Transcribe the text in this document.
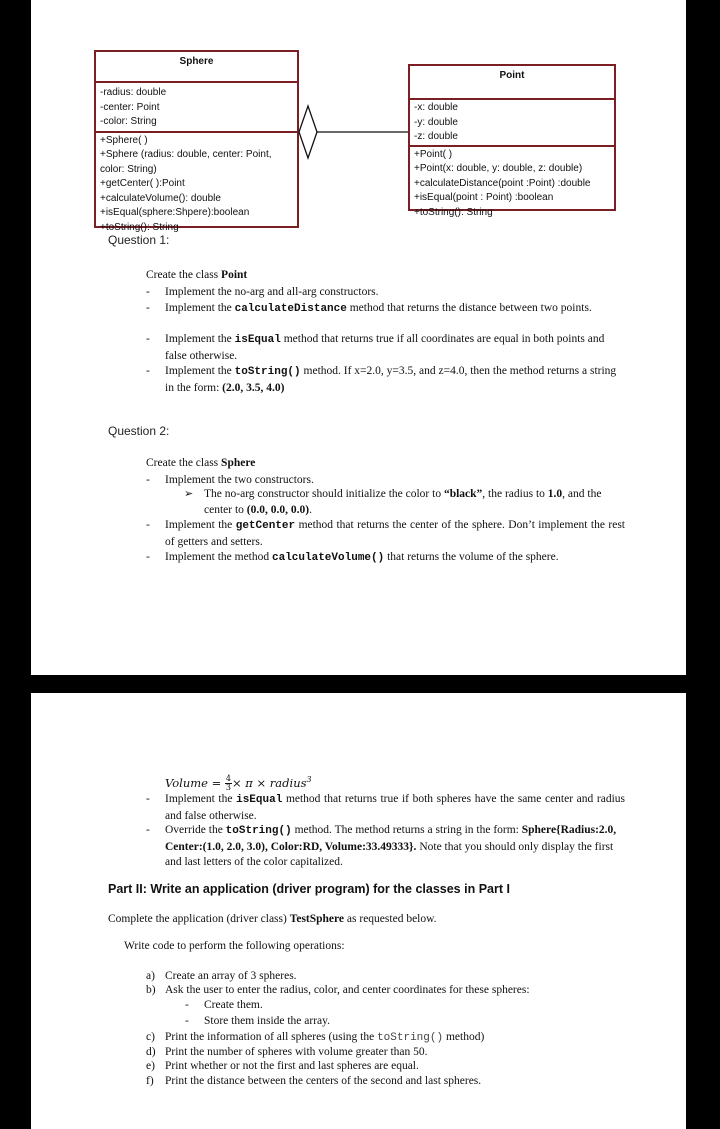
Sphere
-radius: double
-center: Point
-color: String
+Sphere( )
+Sphere (radius: double, center: Point, color: String)
+getCenter( ):Point
+calculateVolume(): double
+isEqual(sphere:Shpere):boolean
+toString(): String
Point
-x: double
-y: double
-z: double
+Point( )
+Point(x: double, y: double, z: double)
+calculateDistance(point :Point) :double
+isEqual(point : Point) :boolean
+toString(): String
Question 1:
Create the class Point
- Implement the no-arg and all-arg constructors.
- Implement the calculateDistance method that returns the distance between two points.
- Implement the isEqual method that returns true if all coordinates are equal in both points and false otherwise.
- Implement the toString() method. If x=2.0, y=3.5, and z=4.0, then the method returns a string in the form: (2.0, 3.5, 4.0)
Question 2:
Create the class Sphere
- Implement the two constructors.
➢ The no-arg constructor should initialize the color to “black”, the radius to 1.0, and the center to (0.0, 0.0, 0.0).
- Implement the getCenter method that returns the center of the sphere. Don’t implement the rest of getters and setters.
- Implement the method calculateVolume() that returns the volume of the sphere.
Volume = $\frac{4}{3} \times \pi$ × radius$^3$
- Implement the isEqual method that returns true if both spheres have the same center and radius and false otherwise.
- Override the toString() method. The method returns a string in the form: Sphere{Radius:2.0, Center:(1.0, 2.0, 3.0), Color:RD, Volume:33.49333}. Note that you should only display the first and last letters of the color capitalized.
Part II: Write an application (driver program) for the classes in Part I
Complete the application (driver class) TestSphere as requested below.
Write code to perform the following operations:
a) Create an array of 3 spheres.
b) Ask the user to enter the radius, color, and center coordinates for these spheres:
- Create them.
- Store them inside the array.
c) Print the information of all spheres (using the toString() method)
d) Print the number of spheres with volume greater than 50.
e) Print whether or not the first and last spheres are equal.
f) Print the distance between the centers of the second and last spheres.
